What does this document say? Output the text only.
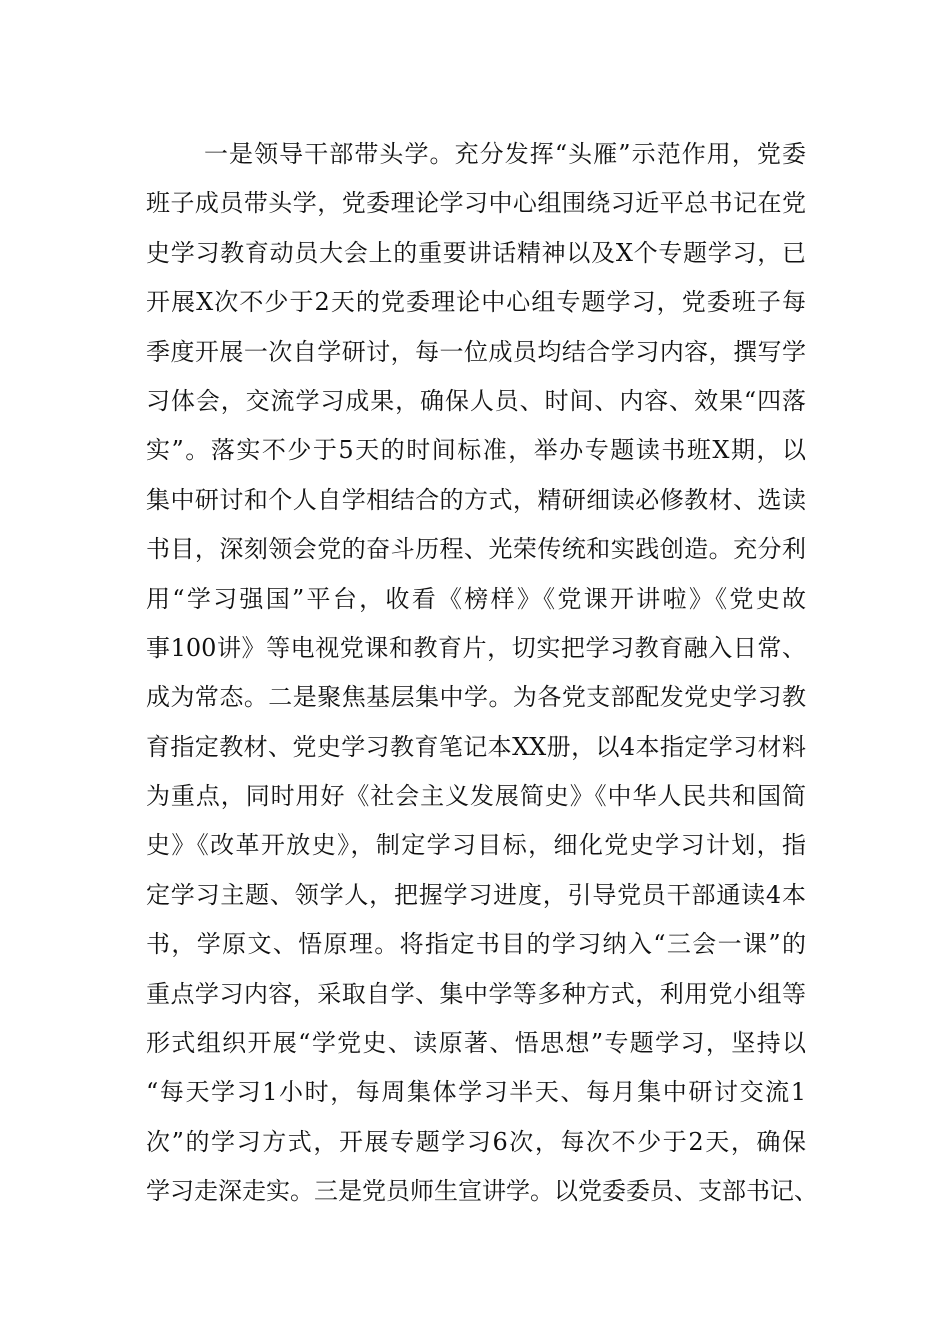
一是领导干部带头学。充分发挥“头雁”示范作用，党委
班子成员带头学，党委理论学习中心组围绕习近平总书记在党
史学习教育动员大会上的重要讲话精神以及X个专题学习，已
开展X次不少于2天的党委理论中心组专题学习，党委班子每
季度开展一次自学研讨，每一位成员均结合学习内容，撰写学
习体会，交流学习成果，确保人员、时间、内容、效果“四落
实”。落实不少于5天的时间标准，举办专题读书班X期，以
集中研讨和个人自学相结合的方式，精研细读必修教材、选读
书目，深刻领会党的奋斗历程、光荣传统和实践创造。充分利
用“学习强国”平台，收看《榜样》《党课开讲啦》《党史故
事100讲》等电视党课和教育片，切实把学习教育融入日常、
成为常态。二是聚焦基层集中学。为各党支部配发党史学习教
育指定教材、党史学习教育笔记本XX册，以4本指定学习材料
为重点，同时用好《社会主义发展简史》《中华人民共和国简
史》《改革开放史》，制定学习目标，细化党史学习计划，指
定学习主题、领学人，把握学习进度，引导党员干部通读4本
书，学原文、悟原理。将指定书目的学习纳入“三会一课”的
重点学习内容，采取自学、集中学等多种方式，利用党小组等
形式组织开展“学党史、读原著、悟思想”专题学习，坚持以
“每天学习1小时，每周集体学习半天、每月集中研讨交流1
次”的学习方式，开展专题学习6次，每次不少于2天，确保
学习走深走实。三是党员师生宣讲学。以党委委员、支部书记、
